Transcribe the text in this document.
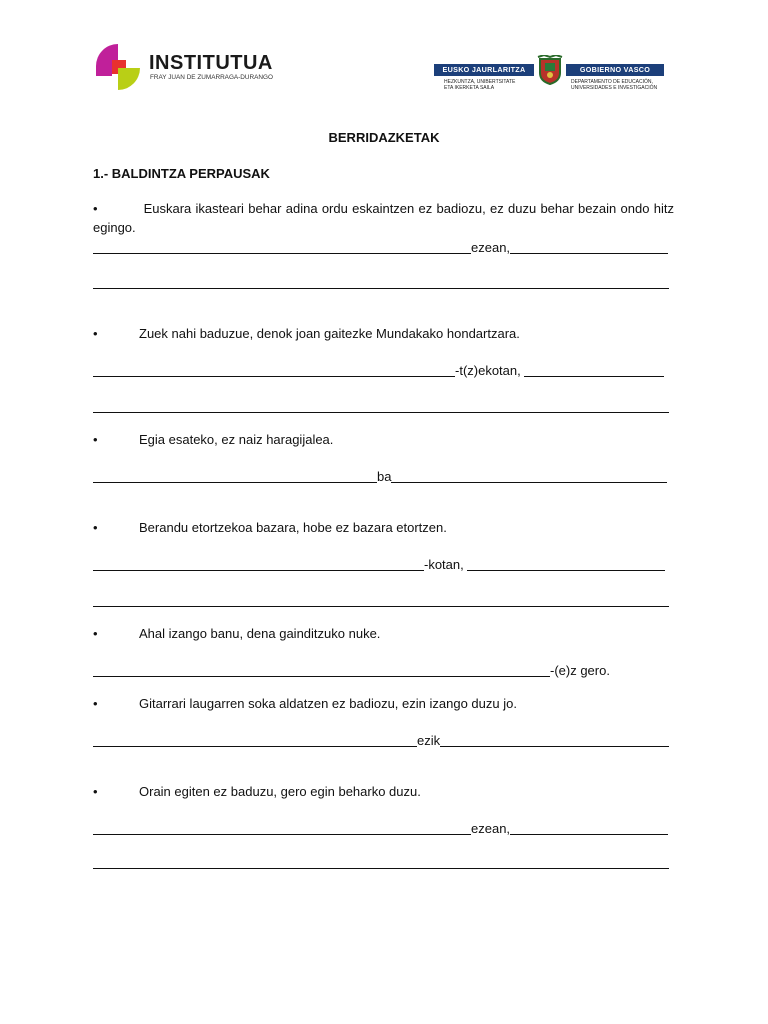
INSTITUTUA
FRAY JUAN DE ZUMARRAGA-DURANGO
EUSKO JAURLARITZA	GOBIERNO VASCO
HEZKUNTZA, UNIBERTSITATE
ETA IKERKETA SAILA
DEPARTAMENTO DE EDUCACIÓN,
UNIVERSIDADES E INVESTIGACIÓN
BERRIDAZKETAK
1.- BALDINTZA PERPAUSAK
•	Euskara ikasteari behar adina ordu eskaintzen ez badiozu, ez duzu behar bezain ondo hitz egingo.
ezean,
•	Zuek nahi baduzue, denok joan gaitezke Mundakako hondartzara.
-t(z)ekotan,
•	Egia esateko, ez naiz haragijalea.
ba
•	Berandu etortzekoa bazara, hobe ez bazara etortzen.
-kotan,
•	Ahal izango banu, dena gainditzuko nuke.
-(e)z gero.
•	Gitarrari laugarren soka aldatzen ez badiozu, ezin izango duzu jo.
ezik
•	Orain egiten ez baduzu, gero egin beharko duzu.
ezean,
